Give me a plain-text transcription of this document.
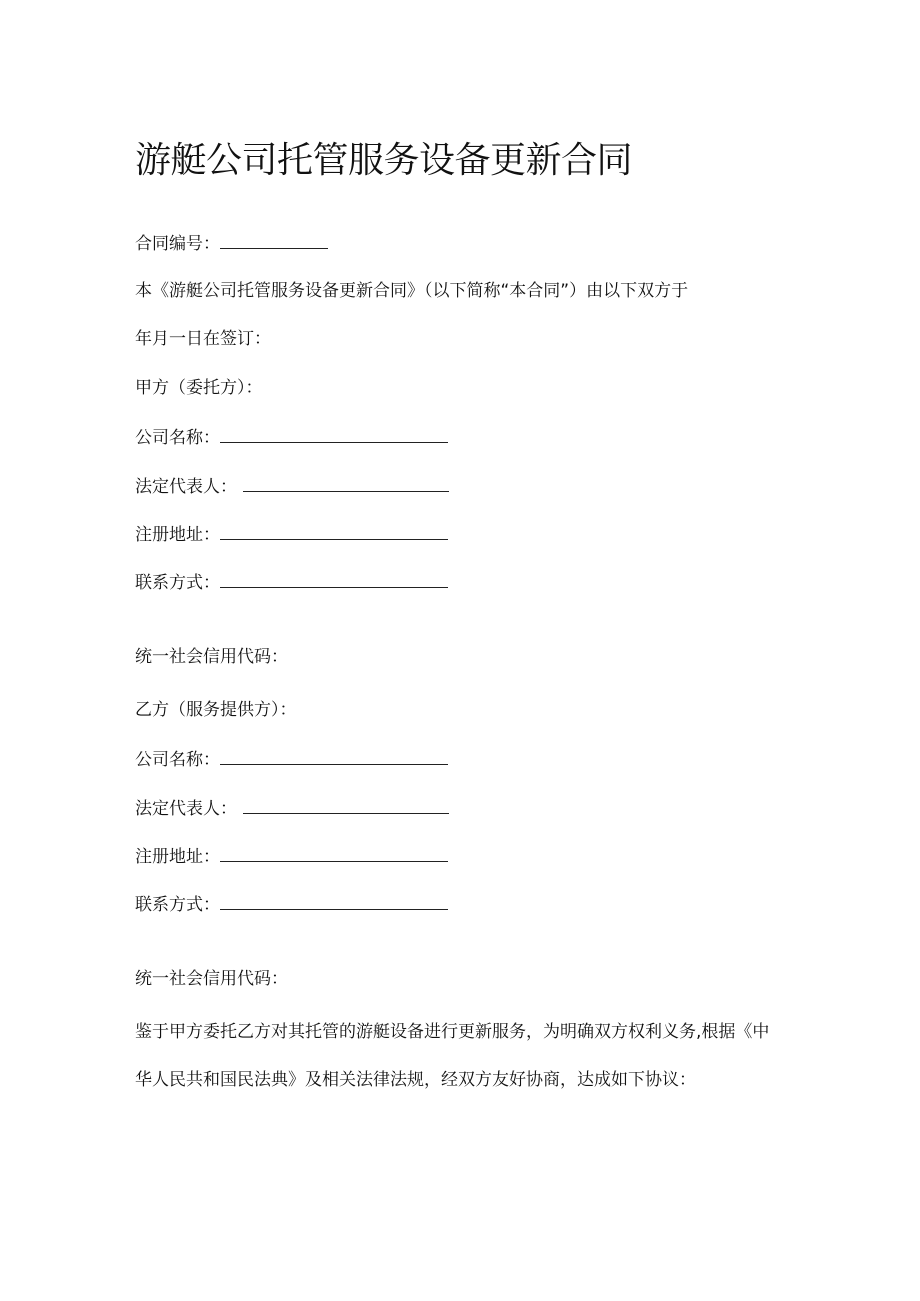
游艇公司托管服务设备更新合同
合同编号：
本《游艇公司托管服务设备更新合同》（以下简称“本合同”）由以下双方于
年月一日在签订：
甲方（委托方）：
公司名称：
法定代表人：
注册地址：
联系方式：
统一社会信用代码：
乙方（服务提供方）：
公司名称：
法定代表人：
注册地址：
联系方式：
统一社会信用代码：
鉴于甲方委托乙方对其托管的游艇设备进行更新服务，为明确双方权利义务,根据《中
华人民共和国民法典》及相关法律法规，经双方友好协商，达成如下协议：
